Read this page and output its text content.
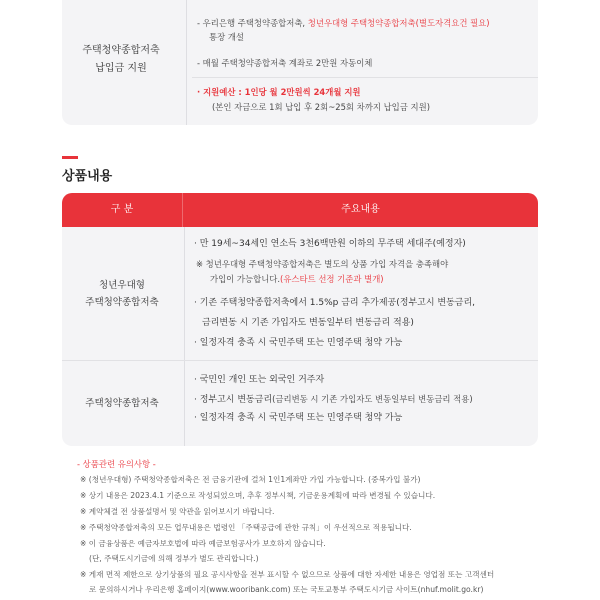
주택청약종합저축
납입금 지원
- 우리은행 주택청약종합저축, 청년우대형 주택청약종합저축(별도자격요건 필요)
통장 개설
- 매월 주택청약종합저축 계좌로 2만원 자동이체
· 지원예산 : 1인당 월 2만원씩 24개월 지원
(본인 자금으로 1회 납입 후 2회~25회 차까지 납입금 지원)
상품내용
구 분	주요내용
청년우대형
주택청약종합저축
· 만 19세~34세인 연소득 3천6백만원 이하의 무주택 세대주(예정자)
※ 청년우대형 주택청약종합저축은 별도의 상품 가입 자격을 충족해야
가입이 가능합니다.(유스타트 선정 기준과 별개)
· 기존 주택청약종합저축에서 1.5%p 금리 추가제공(정부고시 변동금리,
금리변동 시 기존 가입자도 변동일부터 변동금리 적용)
· 일정자격 충족 시 국민주택 또는 민영주택 청약 가능
주택청약종합저축
· 국민인 개인 또는 외국인 거주자
· 정부고시 변동금리(금리변동 시 기존 가입자도 변동일부터 변동금리 적용)
· 일정자격 충족 시 국민주택 또는 민영주택 청약 가능
- 상품관련 유의사항 -
※ (청년우대형) 주택청약종합저축은 전 금융기관에 걸쳐 1인1계좌만 가입 가능합니다. (중복가입 불가)
※ 상기 내용은 2023.4.1 기준으로 작성되었으며, 추후 정부시책, 기금운용계획에 따라 변경될 수 있습니다.
※ 계약체결 전 상품설명서 및 약관을 읽어보시기 바랍니다.
※ 주택청약종합저축의 모든 업무내용은 법령인 「주택공급에 관한 규칙」이 우선적으로 적용됩니다.
※ 이 금융상품은 예금자보호법에 따라 예금보험공사가 보호하지 않습니다.
(단, 주택도시기금에 의해 정부가 별도 관리합니다.)
※ 게재 면적 제한으로 상기상품의 필요 공시사항을 전부 표시할 수 없으므로 상품에 대한 자세한 내용은 영업점 또는 고객센터
로 문의하시거나 우리은행 홈페이지(www.wooribank.com) 또는 국토교통부 주택도시기금 사이트(nhuf.molit.go.kr)
